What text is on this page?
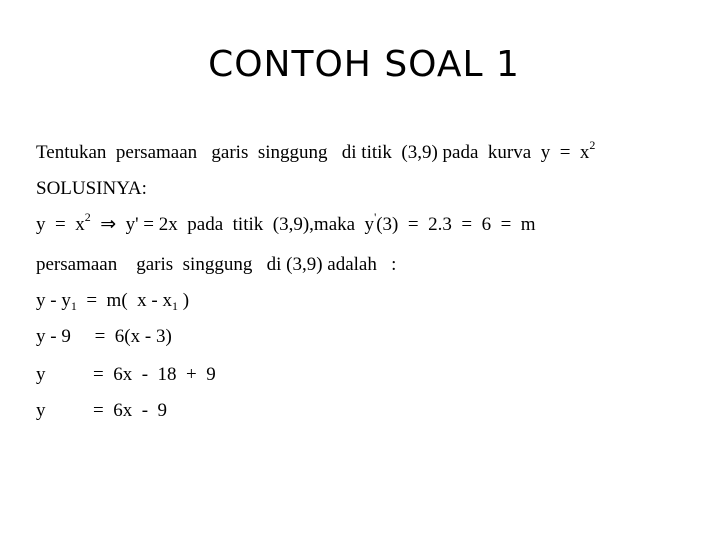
CONTOH SOAL 1
Tentukan  persamaan   garis  singgung   di titik  (3,9) pada  kurva  y  =  x2
SOLUSINYA:
y  =  x2  ⇒  y' = 2x  pada  titik  (3,9),maka  y'(3)  =  2.3  =  6  =  m
persamaan    garis  singgung   di (3,9) adalah   :
y - y1  =  m(  x - x1 )
y - 9     =  6(x - 3)
y          =  6x  -  18  +  9
y          =  6x  -  9
